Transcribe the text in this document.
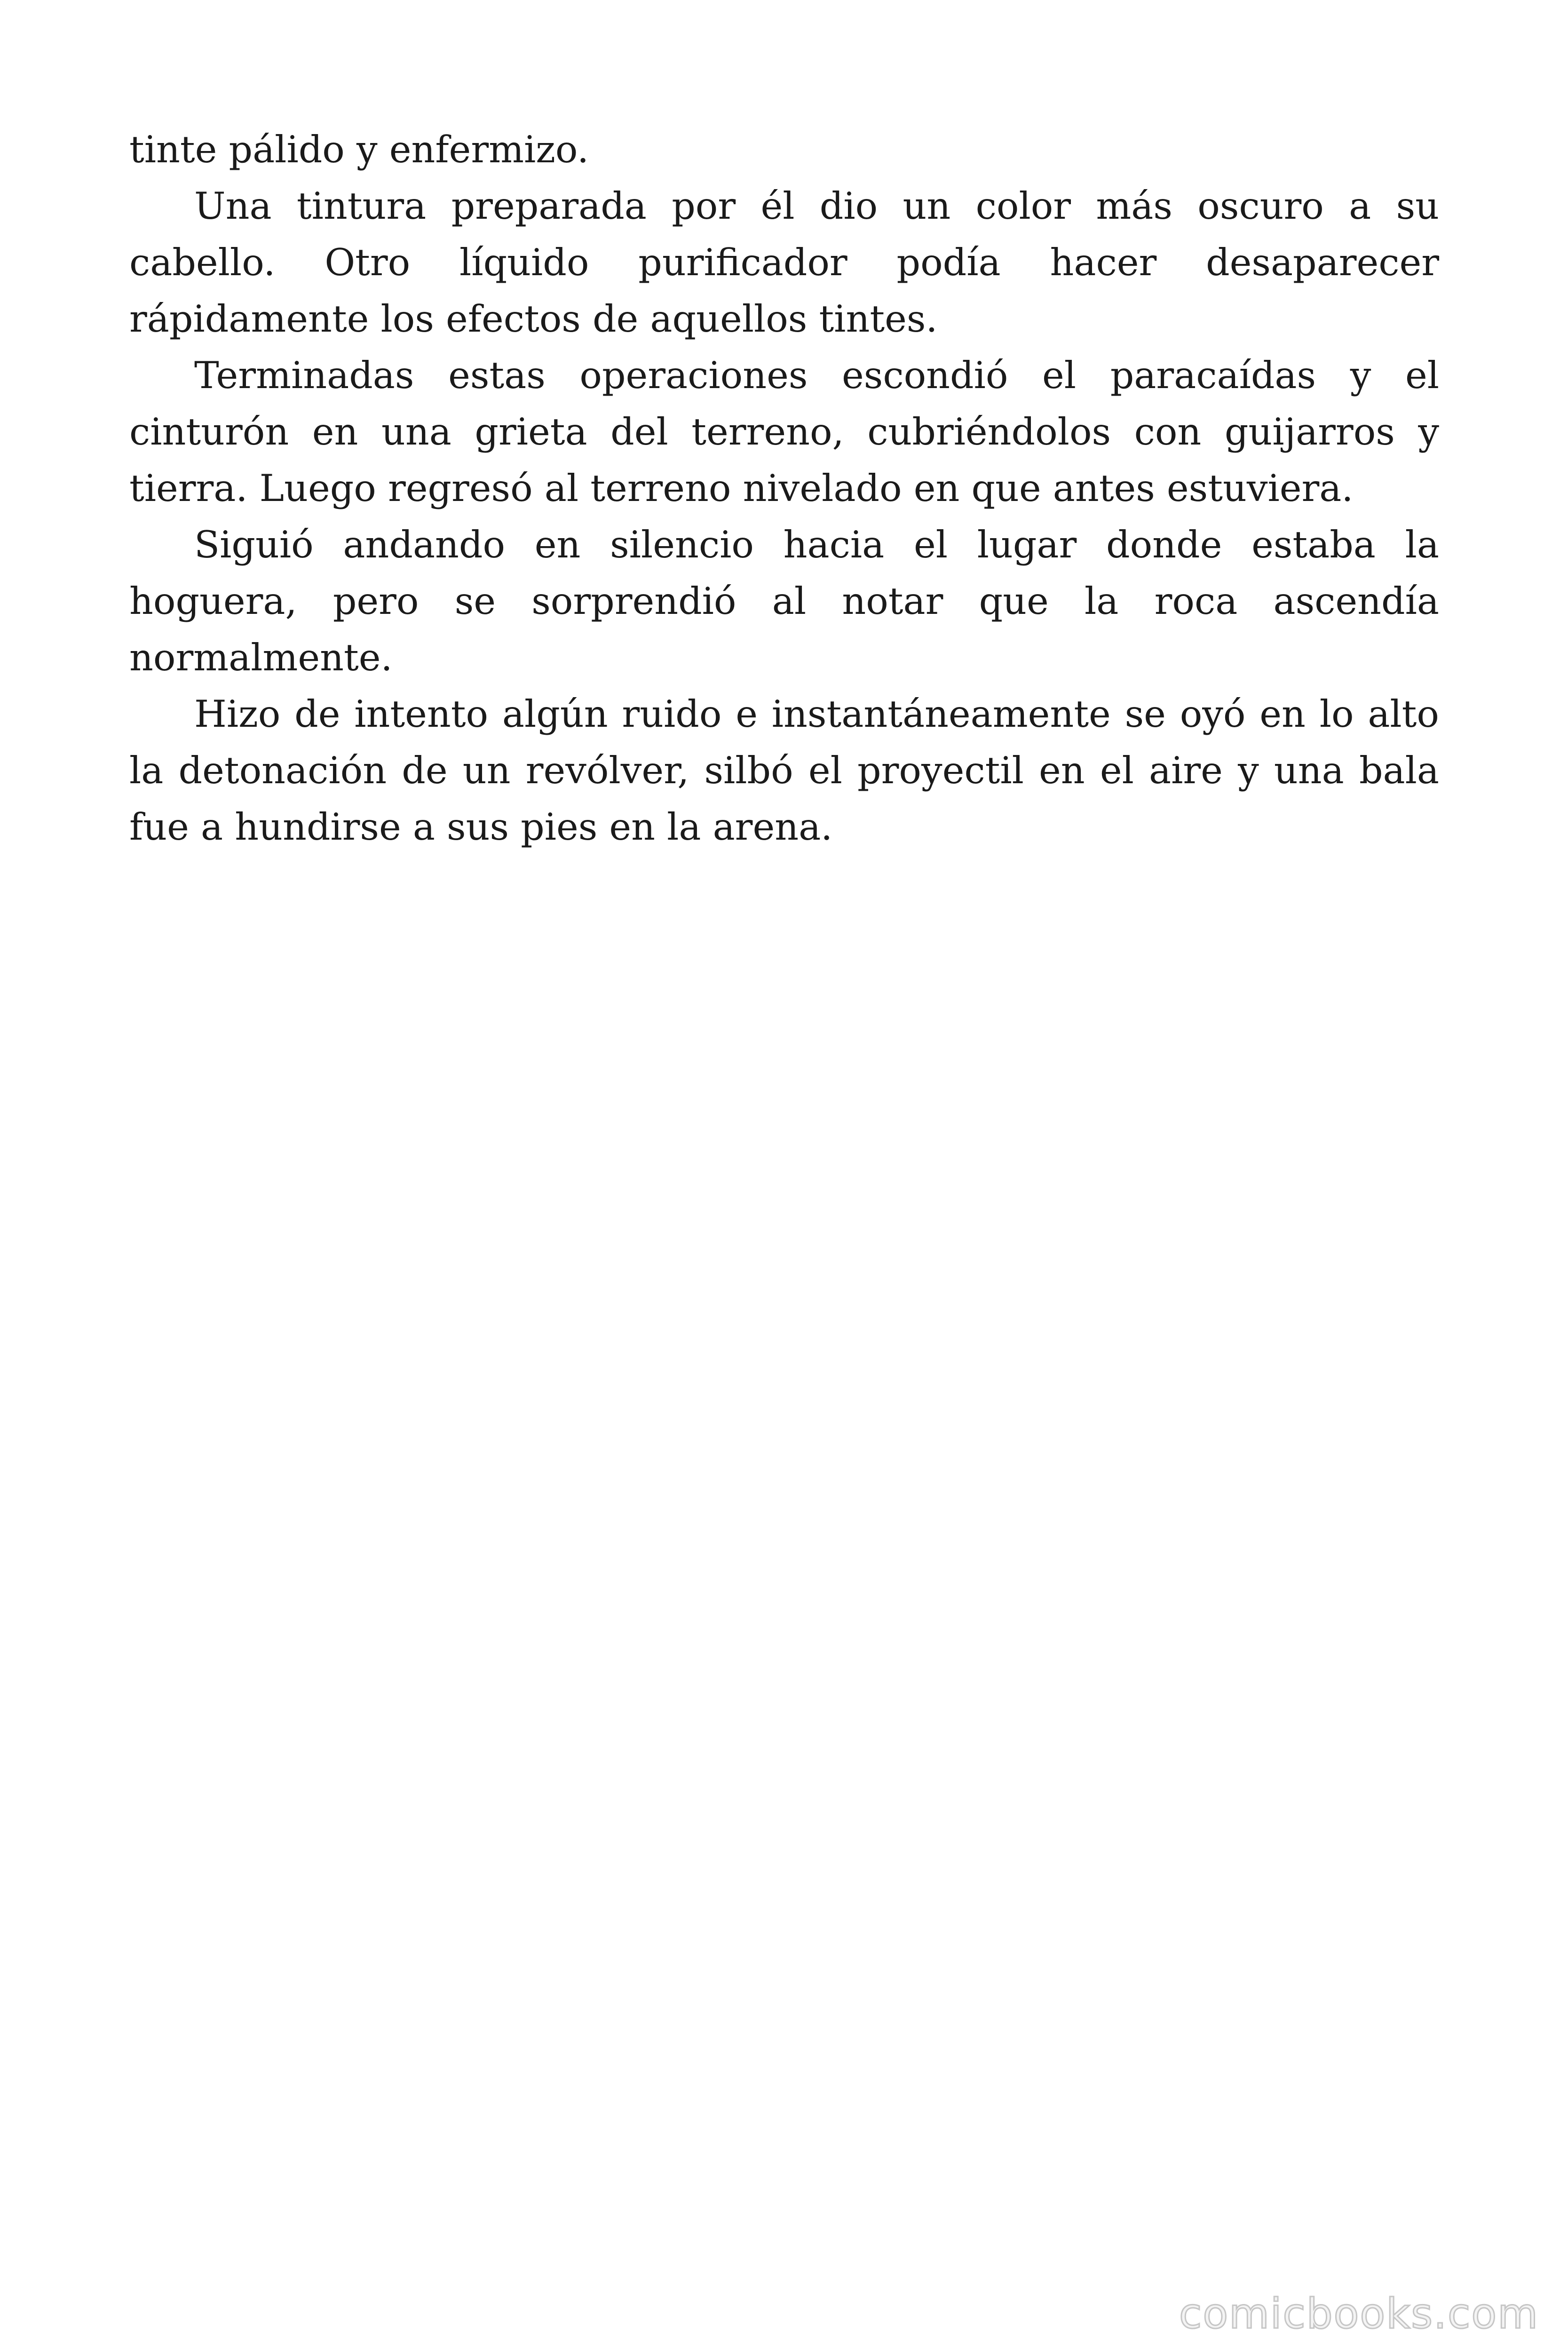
tinte pálido y enfermizo.

Una tintura preparada por él dio un color más oscuro a su cabello. Otro líquido purificador podía hacer desaparecer rápidamente los efectos de aquellos tintes.

Terminadas estas operaciones escondió el paracaídas y el cinturón en una grieta del terreno, cubriéndolos con guijarros y tierra. Luego regresó al terreno nivelado en que antes estuviera.

Siguió andando en silencio hacia el lugar donde estaba la hoguera, pero se sorprendió al notar que la roca ascendía normalmente.

Hizo de intento algún ruido e instantáneamente se oyó en lo alto la detonación de un revólver, silbó el proyectil en el aire y una bala fue a hundirse a sus pies en la arena.

comicbooks.com
